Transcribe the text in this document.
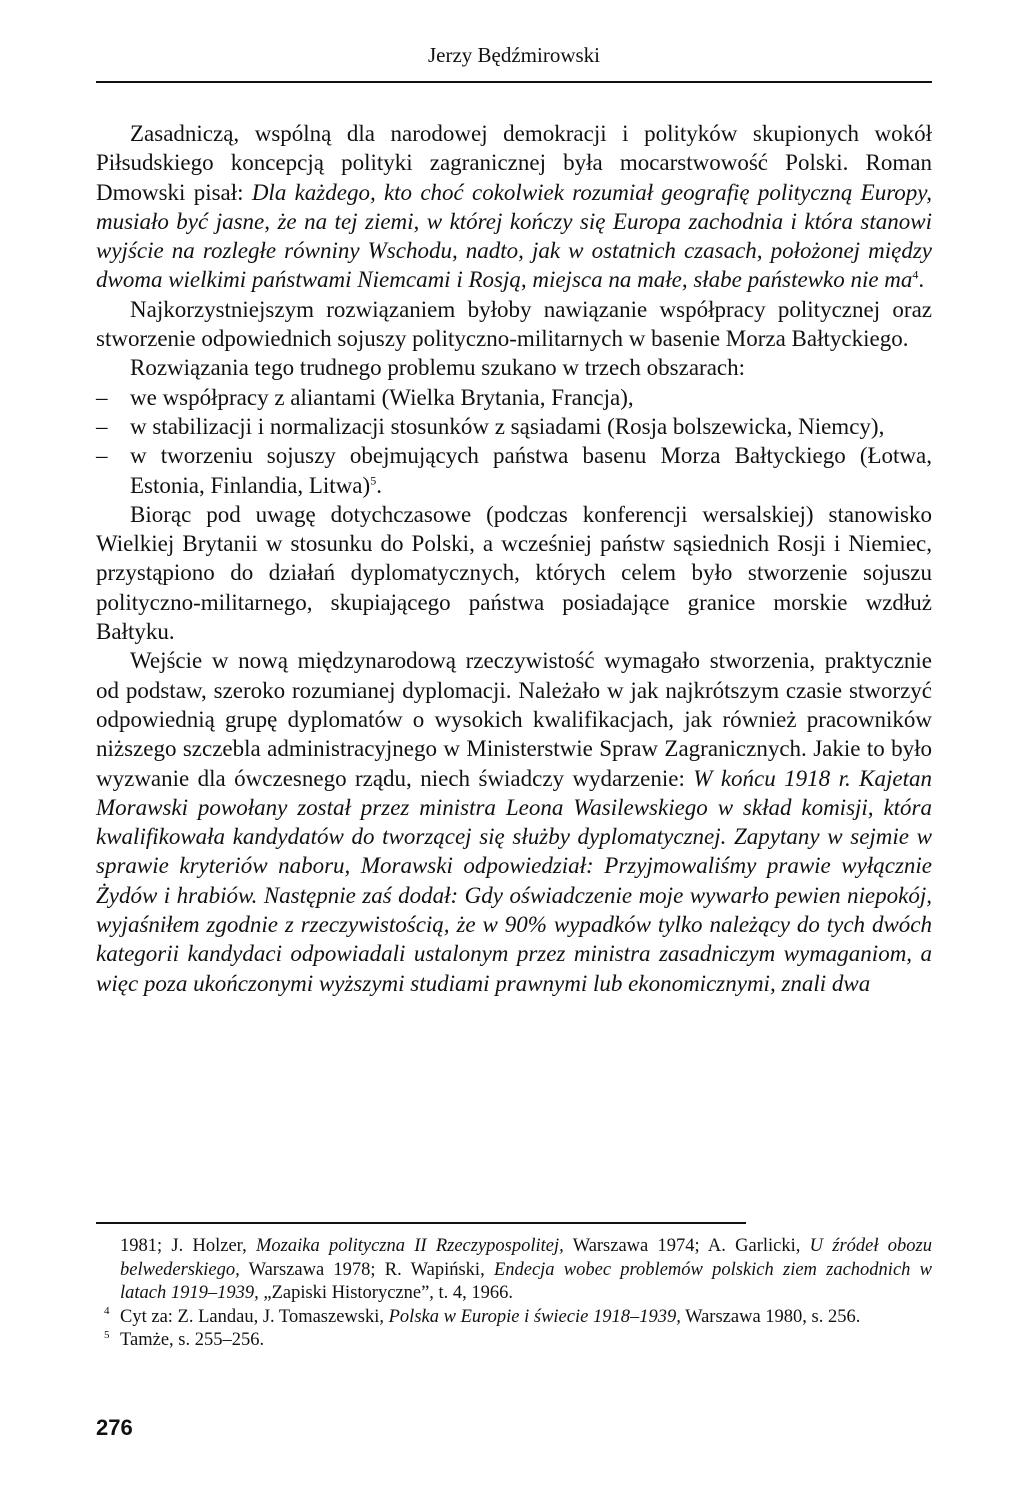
Jerzy Będźmirowski

Zasadniczą, wspólną dla narodowej demokracji i polityków skupionych wokół Piłsudskiego koncepcją polityki zagranicznej była mocarstwowość Polski. Roman Dmowski pisał: Dla każdego, kto choć cokolwiek rozumiał geografię polityczną Europy, musiało być jasne, że na tej ziemi, w której kończy się Europa zachodnia i która stanowi wyjście na rozległe równiny Wschodu, nadto, jak w ostatnich czasach, położonej między dwoma wielkimi państwami Niemcami i Rosją, miejsca na małe, słabe państewko nie $ma^4$.

Najkorzystniejszym rozwiązaniem byłoby nawiązanie współpracy politycznej oraz stworzenie odpowiednich sojuszy polityczno-militarnych w basenie Morza Bałtyckiego.

Rozwiązania tego trudnego problemu szukano w trzech obszarach:

– we współpracy z aliantami (Wielka Brytania, Francja),
– w stabilizacji i normalizacji stosunków z sąsiadami (Rosja bolszewicka, Niemcy),
– w tworzeniu sojuszy obejmujących państwa basenu Morza Bałtyckiego (Łotwa, Estonia, Finlandia, Litwa)$^5$.

Biorąc pod uwagę dotychczasowe (podczas konferencji wersalskiej) stanowisko Wielkiej Brytanii w stosunku do Polski, a wcześniej państw sąsiednich Rosji i Niemiec, przystąpiono do działań dyplomatycznych, których celem było stworzenie sojuszu polityczno-militarnego, skupiającego państwa posiadające granice morskie wzdłuż Bałtyku.

Wejście w nową międzynarodową rzeczywistość wymagało stworzenia, praktycznie od podstaw, szeroko rozumianej dyplomacji. Należało w jak najkrótszym czasie stworzyć odpowiednią grupę dyplomatów o wysokich kwalifikacjach, jak również pracowników niższego szczebla administracyjnego w Ministerstwie Spraw Zagranicznych. Jakie to było wyzwanie dla ówczesnego rządu, niech świadczy wydarzenie: W końcu 1918 r. Kajetan Morawski powołany został przez ministra Leona Wasilewskiego w skład komisji, która kwalifikowała kandydatów do tworzącej się służby dyplomatycznej. Zapytany w sejmie w sprawie kryteriów naboru, Morawski odpowiedział: Przyjmowaliśmy prawie wyłącznie Żydów i hrabiów. Następnie zaś dodał: Gdy oświadczenie moje wywarło pewien niepokój, wyjaśniłem zgodnie z rzeczywistością, że w 90% wypadków tylko należący do tych dwóch kategorii kandydaci odpowiadali ustalonym przez ministra zasadniczym wymaganiom, a więc poza ukończonymi wyższymi studiami prawnymi lub ekonomicznymi, znali dwa

1981; J. Holzer, Mozaika polityczna II Rzeczypospolitej, Warszawa 1974; A. Garlicki, U źródeł obozu belwederskiego, Warszawa 1978; R. Wapiński, Endecja wobec problemów polskich ziem zachodnich w latach 1919–1939, „Zapiski Historyczne”, t. 4, 1966.

4 Cyt za: Z. Landau, J. Tomaszewski, Polska w Europie i świecie 1918–1939, Warszawa 1980, s. 256.

5 Tamże, s. 255–256.

276
